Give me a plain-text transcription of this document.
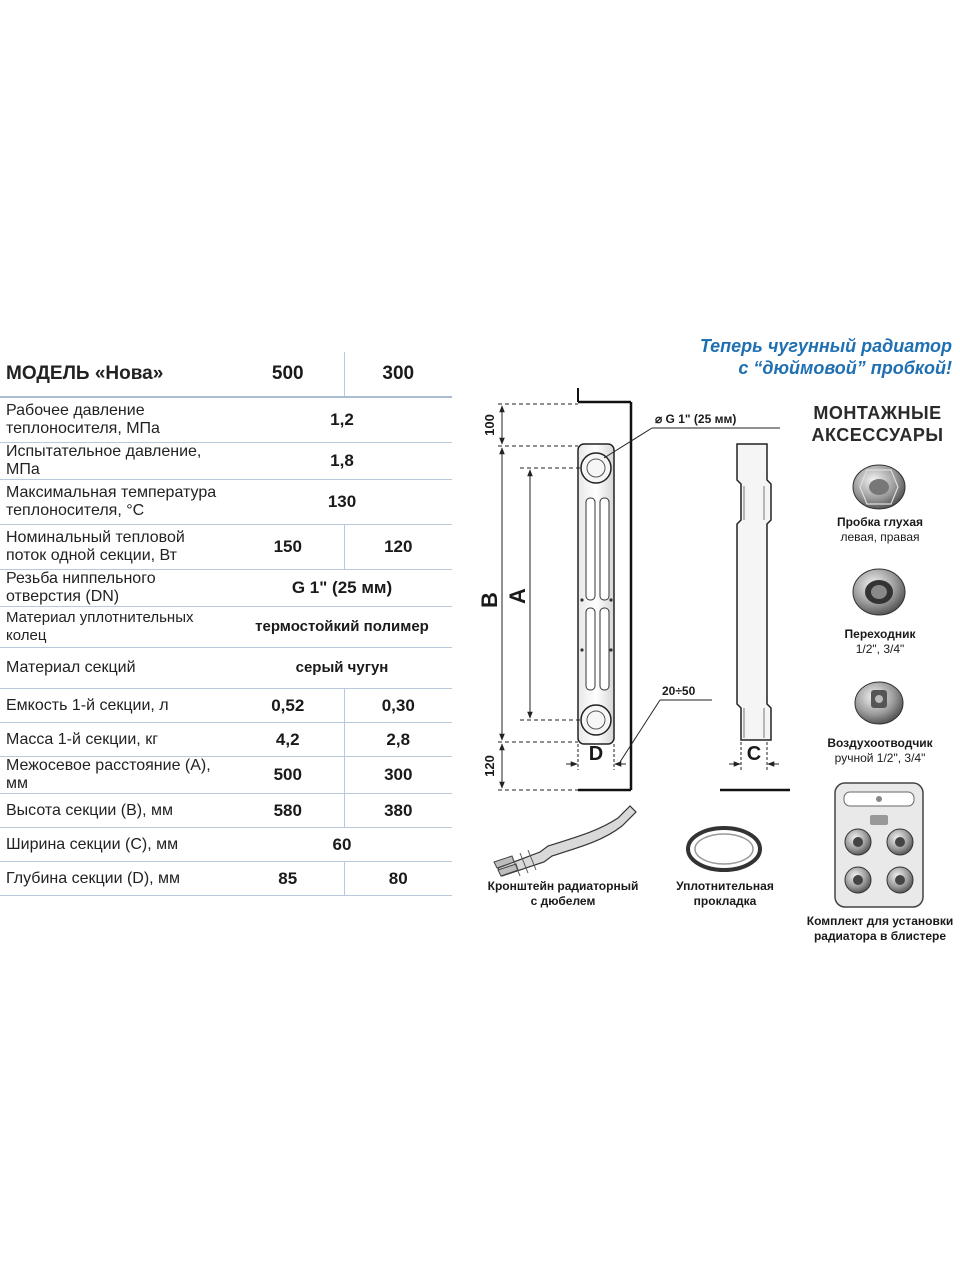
МОДЕЛЬ «Нова»	500	300
Рабочее давление теплоносителя, МПа	1,2	
Испытательное давление, МПа	1,8	
Максимальная температура теплоносителя, °С	130	
Номинальный тепловой поток одной секции, Вт	150	120
Резьба ниппельного отверстия (DN)	G 1" (25 мм)	
Материал уплотнительных колец	термостойкий полимер	
Материал секций	серый чугун	
Емкость 1-й секции, л	0,52	0,30
Масса 1-й секции, кг	4,2	2,8
Межосевое расстояние (А), мм	500	300
Высота секции (В), мм	580	380
Ширина секции (С), мм	60	
Глубина секции (D), мм	85	80
Теперь чугунный радиатор
с “дюймовой” пробкой!
МОНТАЖНЫЕ
АКСЕССУАРЫ
100
B
120
A
D	C
⌀ G 1" (25 мм)
20÷50
Пробка глухая
левая, правая
Переходник
1/2", 3/4"
Воздухоотводчик
ручной 1/2", 3/4"
Комплект для установки
радиатора в блистере
Кронштейн радиаторный
с дюбелем
Уплотнительная
прокладка
